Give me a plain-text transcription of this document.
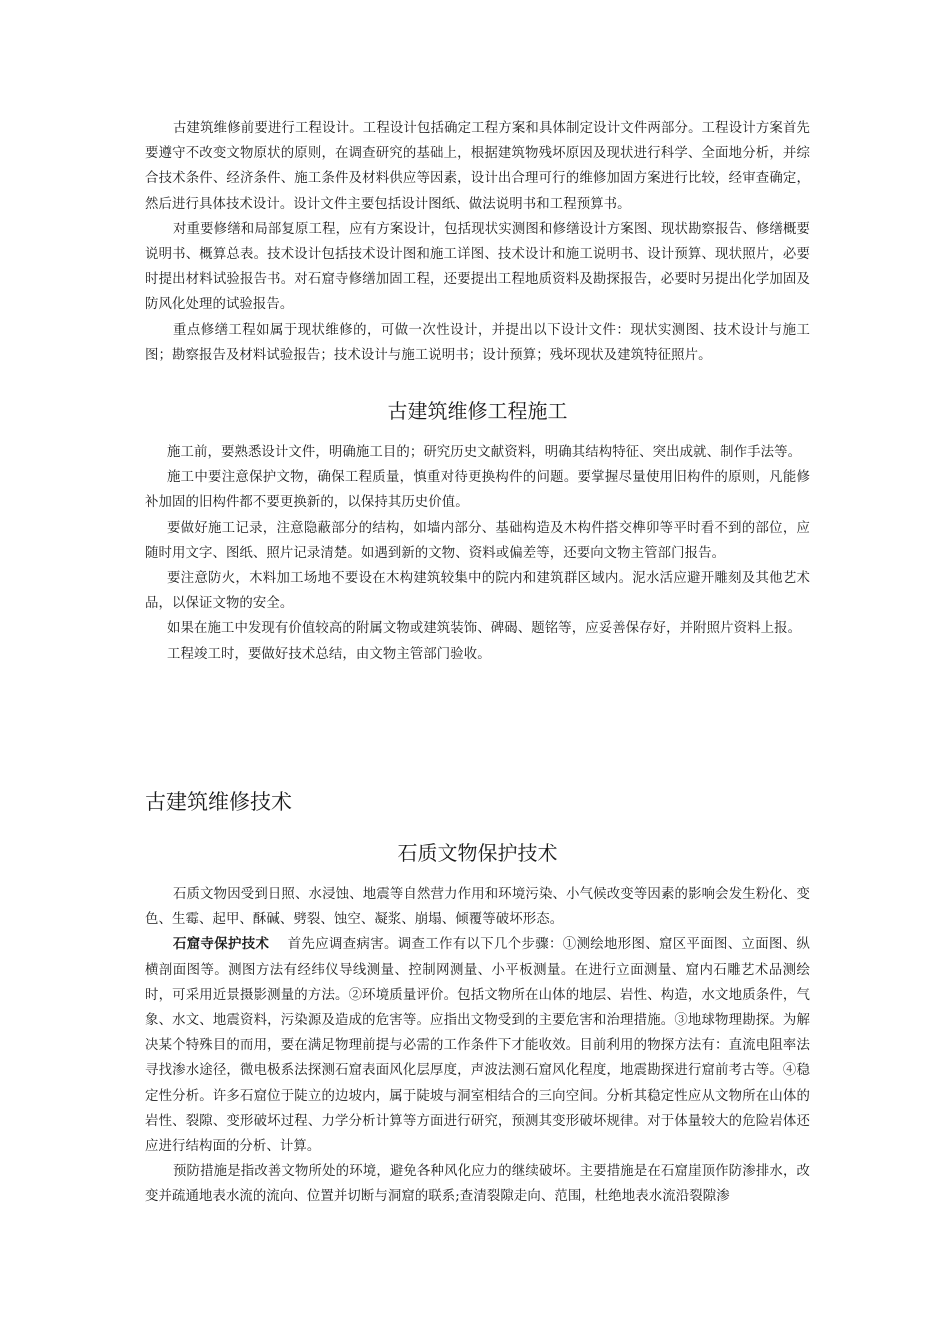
古建筑维修前要进行工程设计。工程设计包括确定工程方案和具体制定设计文件两部分。工程设计方案首先要遵守不改变文物原状的原则，在调查研究的基础上，根据建筑物残坏原因及现状进行科学、全面地分析，并综合技术条件、经济条件、施工条件及材料供应等因素，设计出合理可行的维修加固方案进行比较，经审查确定，然后进行具体技术设计。设计文件主要包括设计图纸、做法说明书和工程预算书。

对重要修缮和局部复原工程，应有方案设计，包括现状实测图和修缮设计方案图、现状勘察报告、修缮概要说明书、概算总表。技术设计包括技术设计图和施工详图、技术设计和施工说明书、设计预算、现状照片，必要时提出材料试验报告书。对石窟寺修缮加固工程，还要提出工程地质资料及勘探报告，必要时另提出化学加固及防风化处理的试验报告。

重点修缮工程如属于现状维修的，可做一次性设计，并提出以下设计文件：现状实测图、技术设计与施工图；勘察报告及材料试验报告；技术设计与施工说明书；设计预算；残坏现状及建筑特征照片。

古建筑维修工程施工

施工前，要熟悉设计文件，明确施工目的；研究历史文献资料，明确其结构特征、突出成就、制作手法等。

施工中要注意保护文物，确保工程质量，慎重对待更换构件的问题。要掌握尽量使用旧构件的原则，凡能修补加固的旧构件都不要更换新的，以保持其历史价值。

要做好施工记录，注意隐蔽部分的结构，如墙内部分、基础构造及木构件搭交榫卯等平时看不到的部位，应随时用文字、图纸、照片记录清楚。如遇到新的文物、资料或偏差等，还要向文物主管部门报告。

要注意防火，木料加工场地不要设在木构建筑较集中的院内和建筑群区域内。泥水活应避开雕刻及其他艺术品，以保证文物的安全。

如果在施工中发现有价值较高的附属文物或建筑装饰、碑碣、题铭等，应妥善保存好，并附照片资料上报。

工程竣工时，要做好技术总结，由文物主管部门验收。

古建筑维修技术
石质文物保护技术

石质文物因受到日照、水浸蚀、地震等自然营力作用和环境污染、小气候改变等因素的影响会发生粉化、变色、生霉、起甲、酥碱、劈裂、蚀空、凝浆、崩塌、倾覆等破坏形态。

石窟寺保护技术 首先应调查病害。调查工作有以下几个步骤：①测绘地形图、窟区平面图、立面图、纵横剖面图等。测图方法有经纬仪导线测量、控制网测量、小平板测量。在进行立面测量、窟内石雕艺术品测绘时，可采用近景摄影测量的方法。②环境质量评价。包括文物所在山体的地层、岩性、构造，水文地质条件，气象、水文、地震资料，污染源及造成的危害等。应指出文物受到的主要危害和治理措施。③地球物理勘探。为解决某个特殊目的而用，要在满足物理前提与必需的工作条件下才能收效。目前利用的物探方法有：直流电阻率法寻找渗水途径，微电极系法探测石窟表面风化层厚度，声波法测石窟风化程度，地震勘探进行窟前考古等。④稳定性分析。许多石窟位于陡立的边坡内，属于陡坡与洞室相结合的三向空间。分析其稳定性应从文物所在山体的岩性、裂隙、变形破坏过程、力学分析计算等方面进行研究，预测其变形破坏规律。对于体量较大的危险岩体还应进行结构面的分析、计算。

预防措施是指改善文物所处的环境，避免各种风化应力的继续破坏。主要措施是在石窟崖顶作防渗排水，改变并疏通地表水流的流向、位置并切断与洞窟的联系;查清裂隙走向、范围，杜绝地表水流沿裂隙渗
